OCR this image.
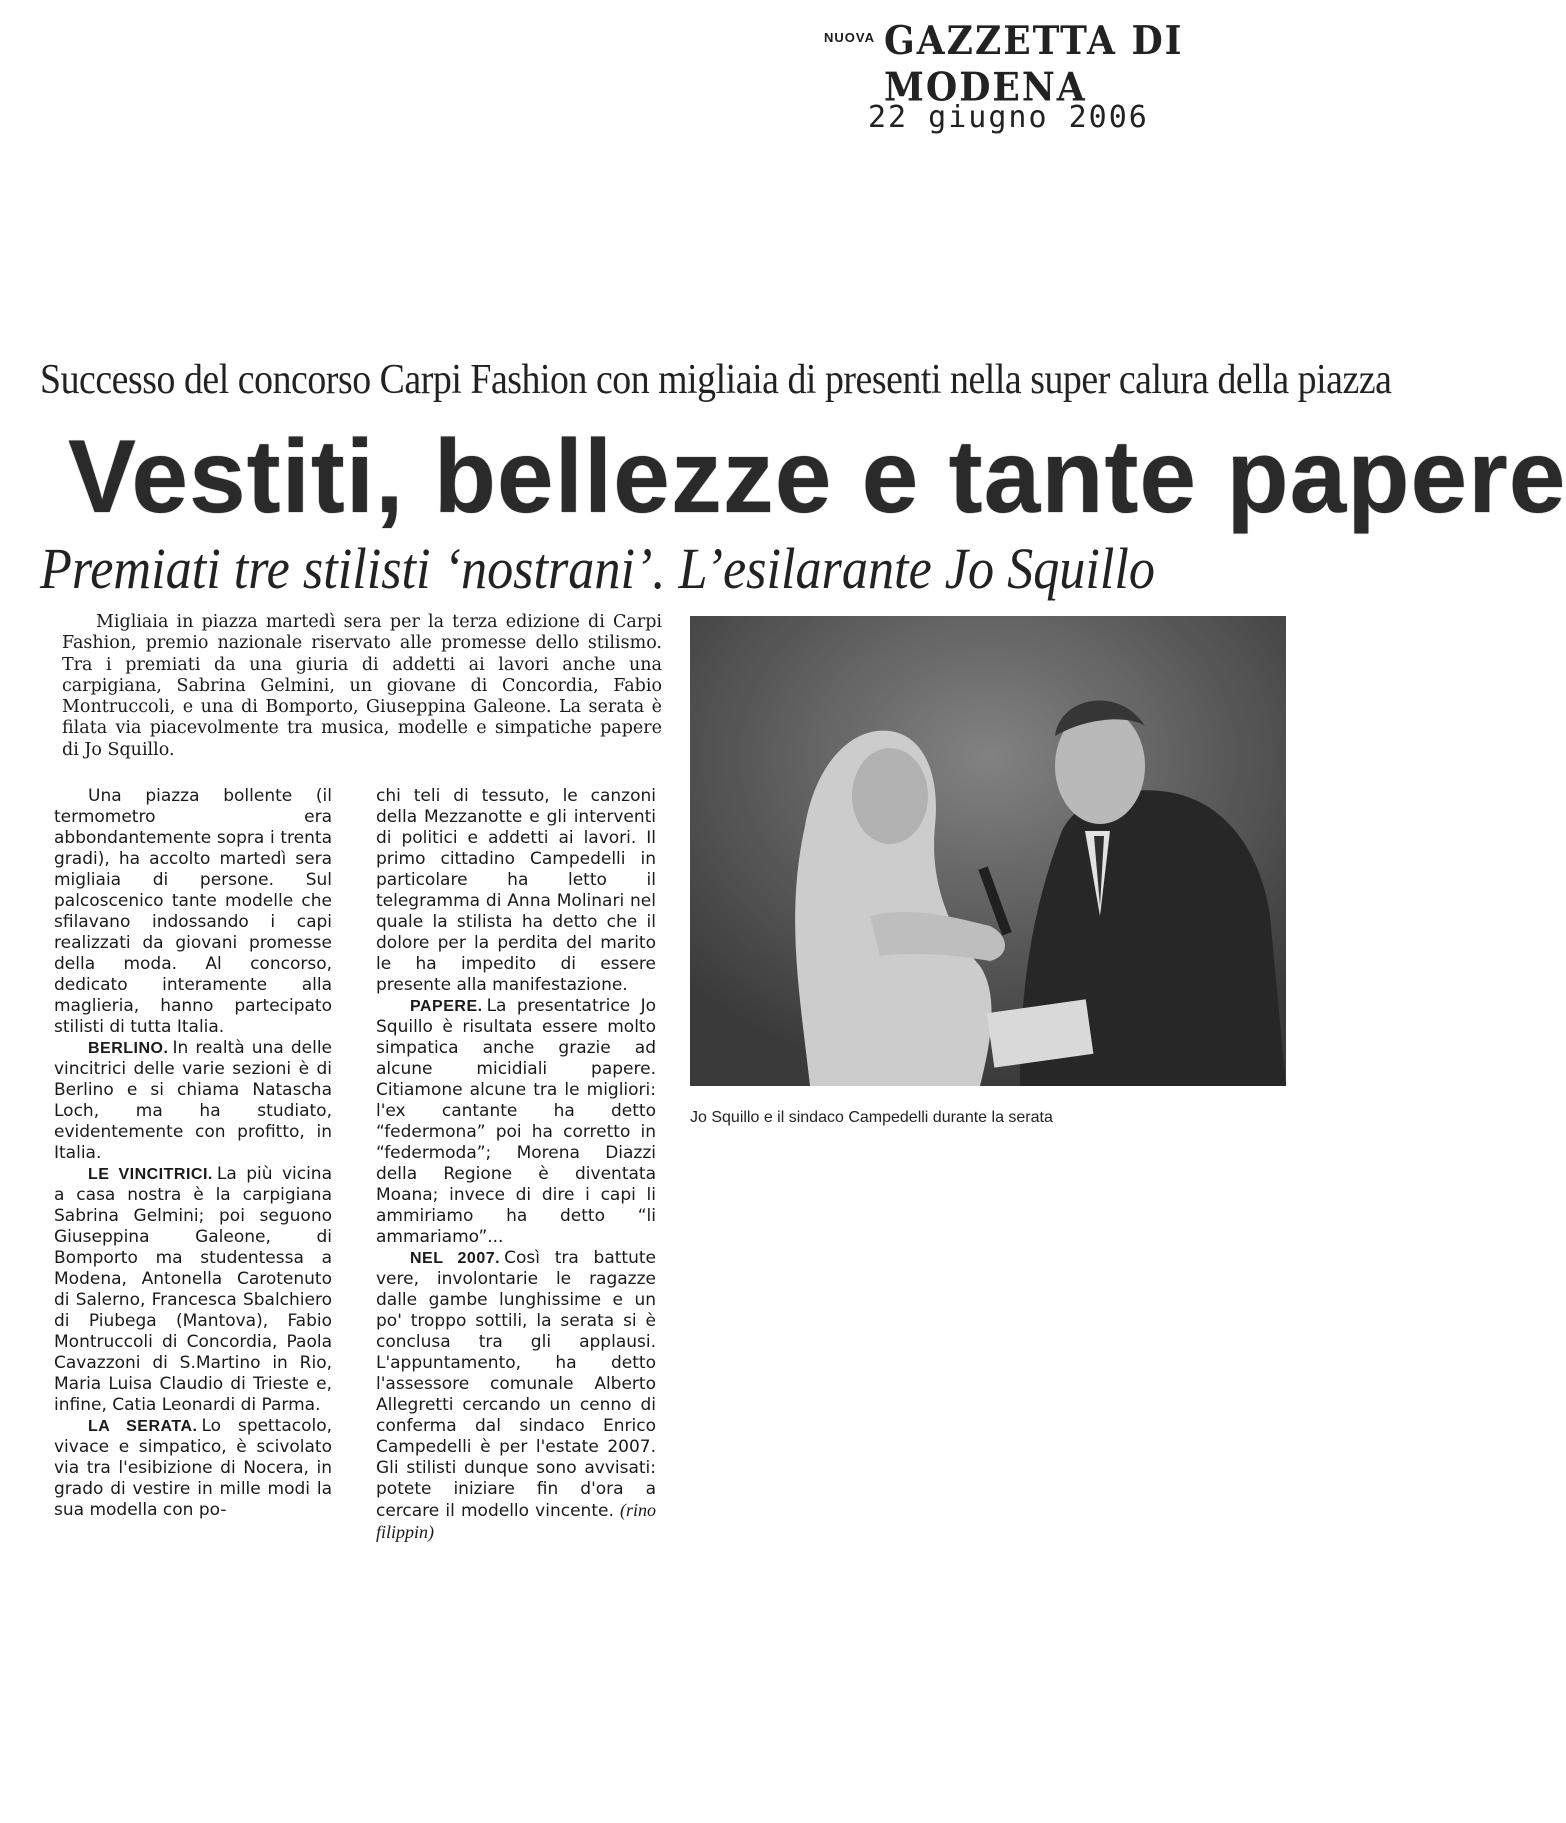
NUOVA GAZZETTA DI MODENA
22 giugno 2006
Successo del concorso Carpi Fashion con migliaia di presenti nella super calura della piazza
Vestiti, bellezze e tante papere
Premiati tre stilisti ‘nostrani’. L’esilarante Jo Squillo
Migliaia in piazza martedì sera per la terza edizione di Carpi Fashion, premio nazionale riservato alle promesse dello stilismo. Tra i premiati da una giuria di addetti ai lavori anche una carpigiana, Sabrina Gelmini, un giovane di Concordia, Fabio Montruccoli, e una di Bomporto, Giuseppina Galeone. La serata è filata via piacevolmente tra musica, modelle e simpatiche papere di Jo Squillo.

Una piazza bollente (il termometro era abbondantemente sopra i trenta gradi), ha accolto martedì sera migliaia di persone. Sul palcoscenico tante modelle che sfilavano indossando i capi realizzati da giovani promesse della moda. Al concorso, dedicato interamente alla maglieria, hanno partecipato stilisti di tutta Italia.

BERLINO. In realtà una delle vincitrici delle varie sezioni è di Berlino e si chiama Natascha Loch, ma ha studiato, evidentemente con profitto, in Italia.

LE VINCITRICI. La più vicina a casa nostra è la carpigiana Sabrina Gelmini; poi seguono Giuseppina Galeone, di Bomporto ma studentessa a Modena, Antonella Carotenuto di Salerno, Francesca Sbalchiero di Piubega (Mantova), Fabio Montruccoli di Concordia, Paola Cavazzoni di S.Martino in Rio, Maria Luisa Claudio di Trieste e, infine, Catia Leonardi di Parma.

LA SERATA. Lo spettacolo, vivace e simpatico, è scivolato via tra l'esibizione di Nocera, in grado di vestire in mille modi la sua modella con po-

chi teli di tessuto, le canzoni della Mezzanotte e gli interventi di politici e addetti ai lavori. Il primo cittadino Campedelli in particolare ha letto il telegramma di Anna Molinari nel quale la stilista ha detto che il dolore per la perdita del marito le ha impedito di essere presente alla manifestazione.

PAPERE. La presentatrice Jo Squillo è risultata essere molto simpatica anche grazie ad alcune micidiali papere. Citiamone alcune tra le migliori: l'ex cantante ha detto “federmona” poi ha corretto in “federmoda”; Morena Diazzi della Regione è diventata Moana; invece di dire i capi li ammiriamo ha detto “li ammariamo”...

NEL 2007. Così tra battute vere, involontarie le ragazze dalle gambe lunghissime e un po' troppo sottili, la serata si è conclusa tra gli applausi. L'appuntamento, ha detto l'assessore comunale Alberto Allegretti cercando un cenno di conferma dal sindaco Enrico Campedelli è per l'estate 2007. Gli stilisti dunque sono avvisati: potete iniziare fin d'ora a cercare il modello vincente. (rino filippin)

Jo Squillo e il sindaco Campedelli durante la serata
